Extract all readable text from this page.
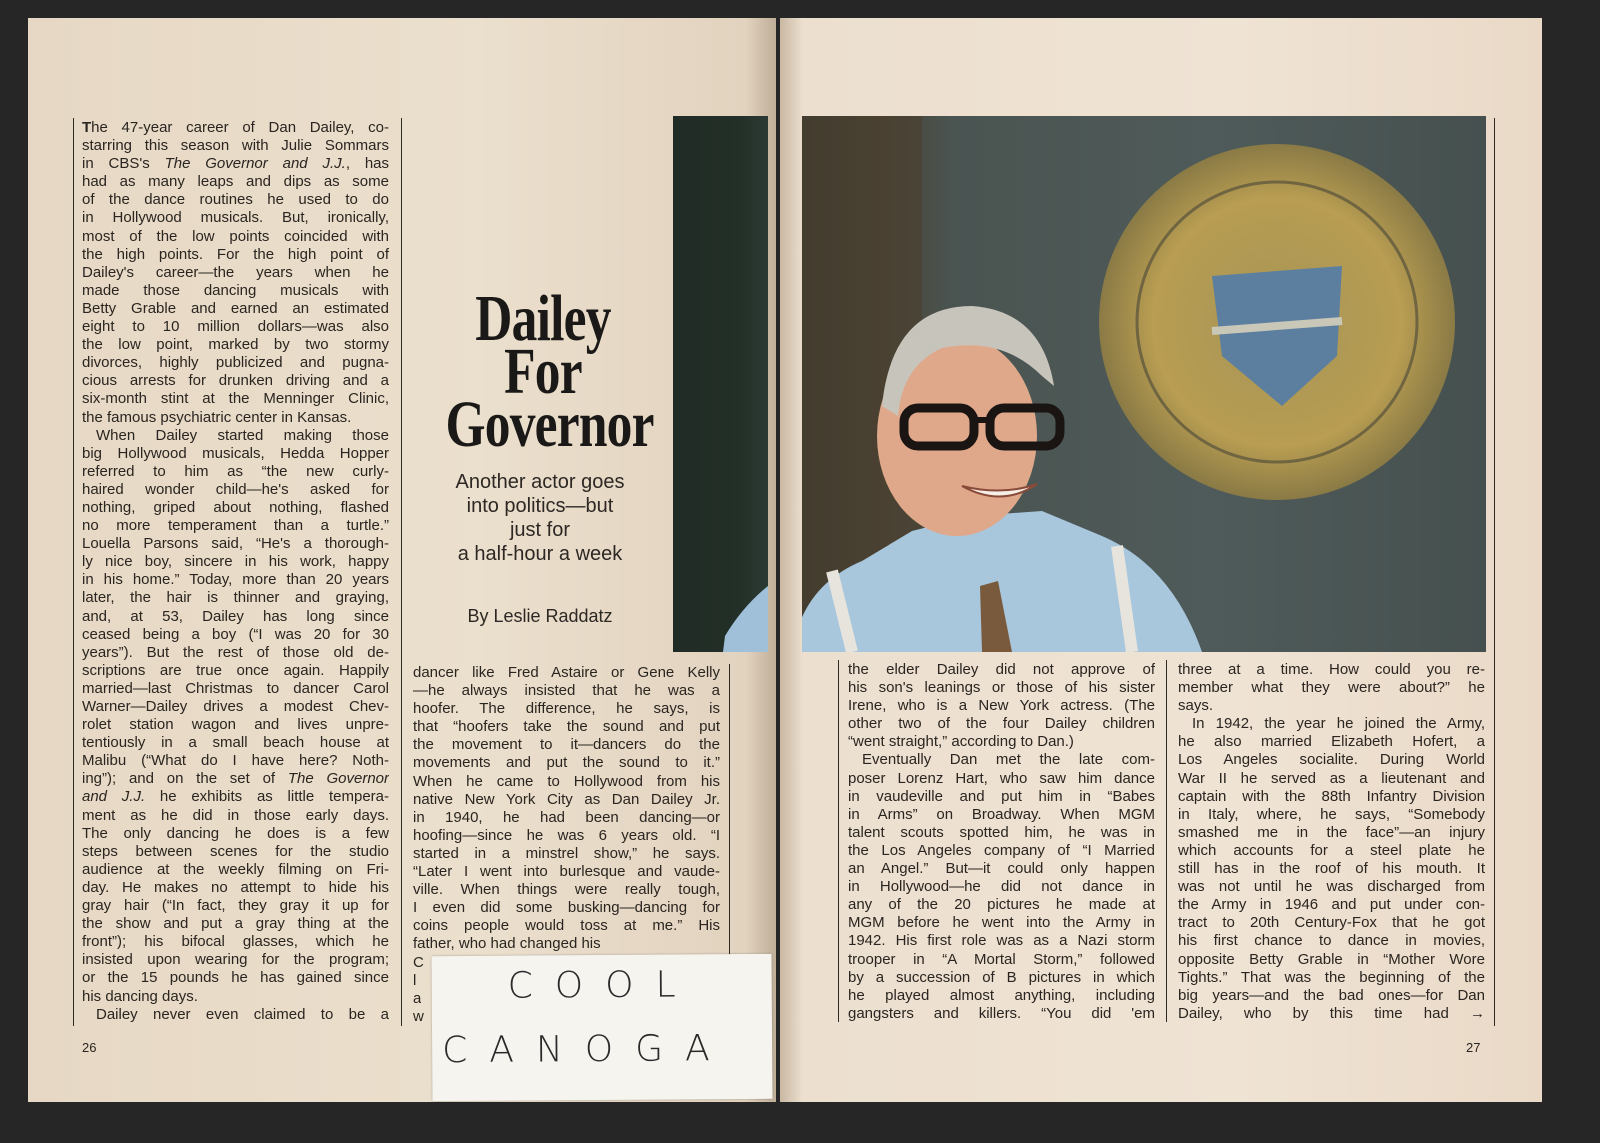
The 47-year career of Dan Dailey, co-
starring this season with Julie Sommars
in CBS's The Governor and J.J., has
had as many leaps and dips as some
of the dance routines he used to do
in Hollywood musicals. But, ironically,
most of the low points coincided with
the high points. For the high point of
Dailey's career—the years when he
made those dancing musicals with
Betty Grable and earned an estimated
eight to 10 million dollars—was also
the low point, marked by two stormy
divorces, highly publicized and pugna-
cious arrests for drunken driving and a
six-month stint at the Menninger Clinic,
the famous psychiatric center in Kansas.
When Dailey started making those
big Hollywood musicals, Hedda Hopper
referred to him as “the new curly-
haired wonder child—he's asked for
nothing, griped about nothing, flashed
no more temperament than a turtle.”
Louella Parsons said, “He's a thorough-
ly nice boy, sincere in his work, happy
in his home.” Today, more than 20 years
later, the hair is thinner and graying,
and, at 53, Dailey has long since
ceased being a boy (“I was 20 for 30
years”). But the rest of those old de-
scriptions are true once again. Happily
married—last Christmas to dancer Carol
Warner—Dailey drives a modest Chev-
rolet station wagon and lives unpre-
tentiously in a small beach house at
Malibu (“What do I have here? Noth-
ing”); and on the set of The Governor
and J.J. he exhibits as little tempera-
ment as he did in those early days.
The only dancing he does is a few
steps between scenes for the studio
audience at the weekly filming on Fri-
day. He makes no attempt to hide his
gray hair (“In fact, they gray it up for
the show and put a gray thing at the
front”); his bifocal glasses, which he
insisted upon wearing for the program;
or the 15 pounds he has gained since
his dancing days.
Dailey never even claimed to be a
dancer like Fred Astaire or Gene Kelly
—he always insisted that he was a
hoofer. The difference, he says, is
that “hoofers take the sound and put
the movement to it—dancers do the
movements and put the sound to it.”
When he came to Hollywood from his
native New York City as Dan Dailey Jr.
in 1940, he had been dancing—or
hoofing—since he was 6 years old. “I
started in a minstrel show,” he says.
“Later I went into burlesque and vaude-
ville. When things were really tough,
I even did some busking—dancing for
coins people would toss at me.” His
father, who had changed his
C
l
a
w
the elder Dailey did not approve of
his son's leanings or those of his sister
Irene, who is a New York actress. (The
other two of the four Dailey children
“went straight,” according to Dan.)
Eventually Dan met the late com-
poser Lorenz Hart, who saw him dance
in vaudeville and put him in “Babes
in Arms” on Broadway. When MGM
talent scouts spotted him, he was in
the Los Angeles company of “I Married
an Angel.” But—it could only happen
in Hollywood—he did not dance in
any of the 20 pictures he made at
MGM before he went into the Army in
1942. His first role was as a Nazi storm
trooper in “A Mortal Storm,” followed
by a succession of B pictures in which
he played almost anything, including
gangsters and killers. “You did 'em
three at a time. How could you re-
member what they were about?” he
says.
In 1942, the year he joined the Army,
he also married Elizabeth Hofert, a
Los Angeles socialite. During World
War II he served as a lieutenant and
captain with the 88th Infantry Division
in Italy, where, he says, “Somebody
smashed me in the face”—an injury
which accounts for a steel plate he
still has in the roof of his mouth. It
was not until he was discharged from
the Army in 1946 and put under con-
tract to 20th Century-Fox that he got
his first chance to dance in movies,
opposite Betty Grable in “Mother Wore
Tights.” That was the beginning of the
big years—and the bad ones—for Dan
Dailey, who by this time had →
Dailey
For
Governor
Another actor goes
into politics—but
just for
a half-hour a week
By Leslie Raddatz
26	27
COOL
CANOGA
